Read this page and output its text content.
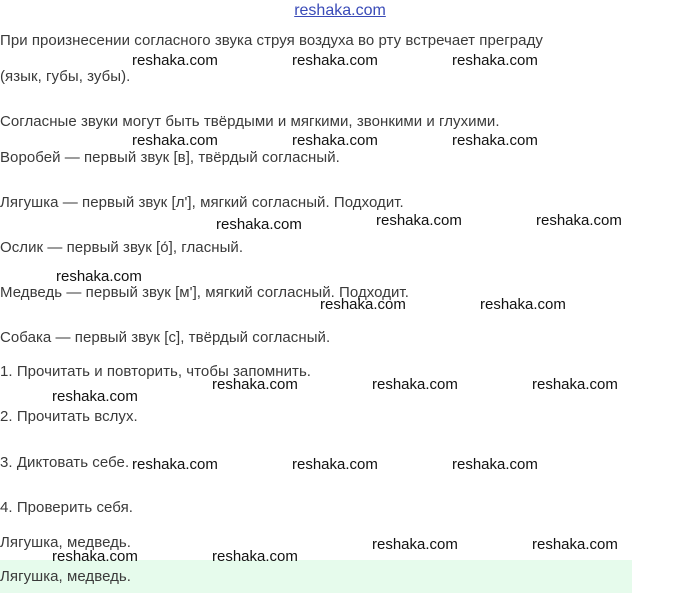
reshaka.com
При произнесении согласного звука струя воздуха во рту встречает преграду
(язык, губы, зубы).
Согласные звуки могут быть твёрдыми и мягкими, звонкими и глухими.
Воробей — первый звук [в], твёрдый согласный.
Лягушка — первый звук [л'], мягкий согласный. Подходит.
Ослик — первый звук [о́], гласный.
Медведь — первый звук [м'], мягкий согласный. Подходит.
Собака — первый звук [с], твёрдый согласный.
1. Прочитать и повторить, чтобы запомнить.
2. Прочитать вслух.
3. Диктовать себе.
4. Проверить себя.
Лягушка, медведь.
Лягушка, медведь.
reshaka.com	reshaka.com	reshaka.com
reshaka.com	reshaka.com	reshaka.com
reshaka.com	reshaka.com
reshaka.com
reshaka.com
reshaka.com	reshaka.com
reshaka.com	reshaka.com	reshaka.com
reshaka.com
reshaka.com	reshaka.com	reshaka.com
reshaka.com	reshaka.com
reshaka.com	reshaka.com
